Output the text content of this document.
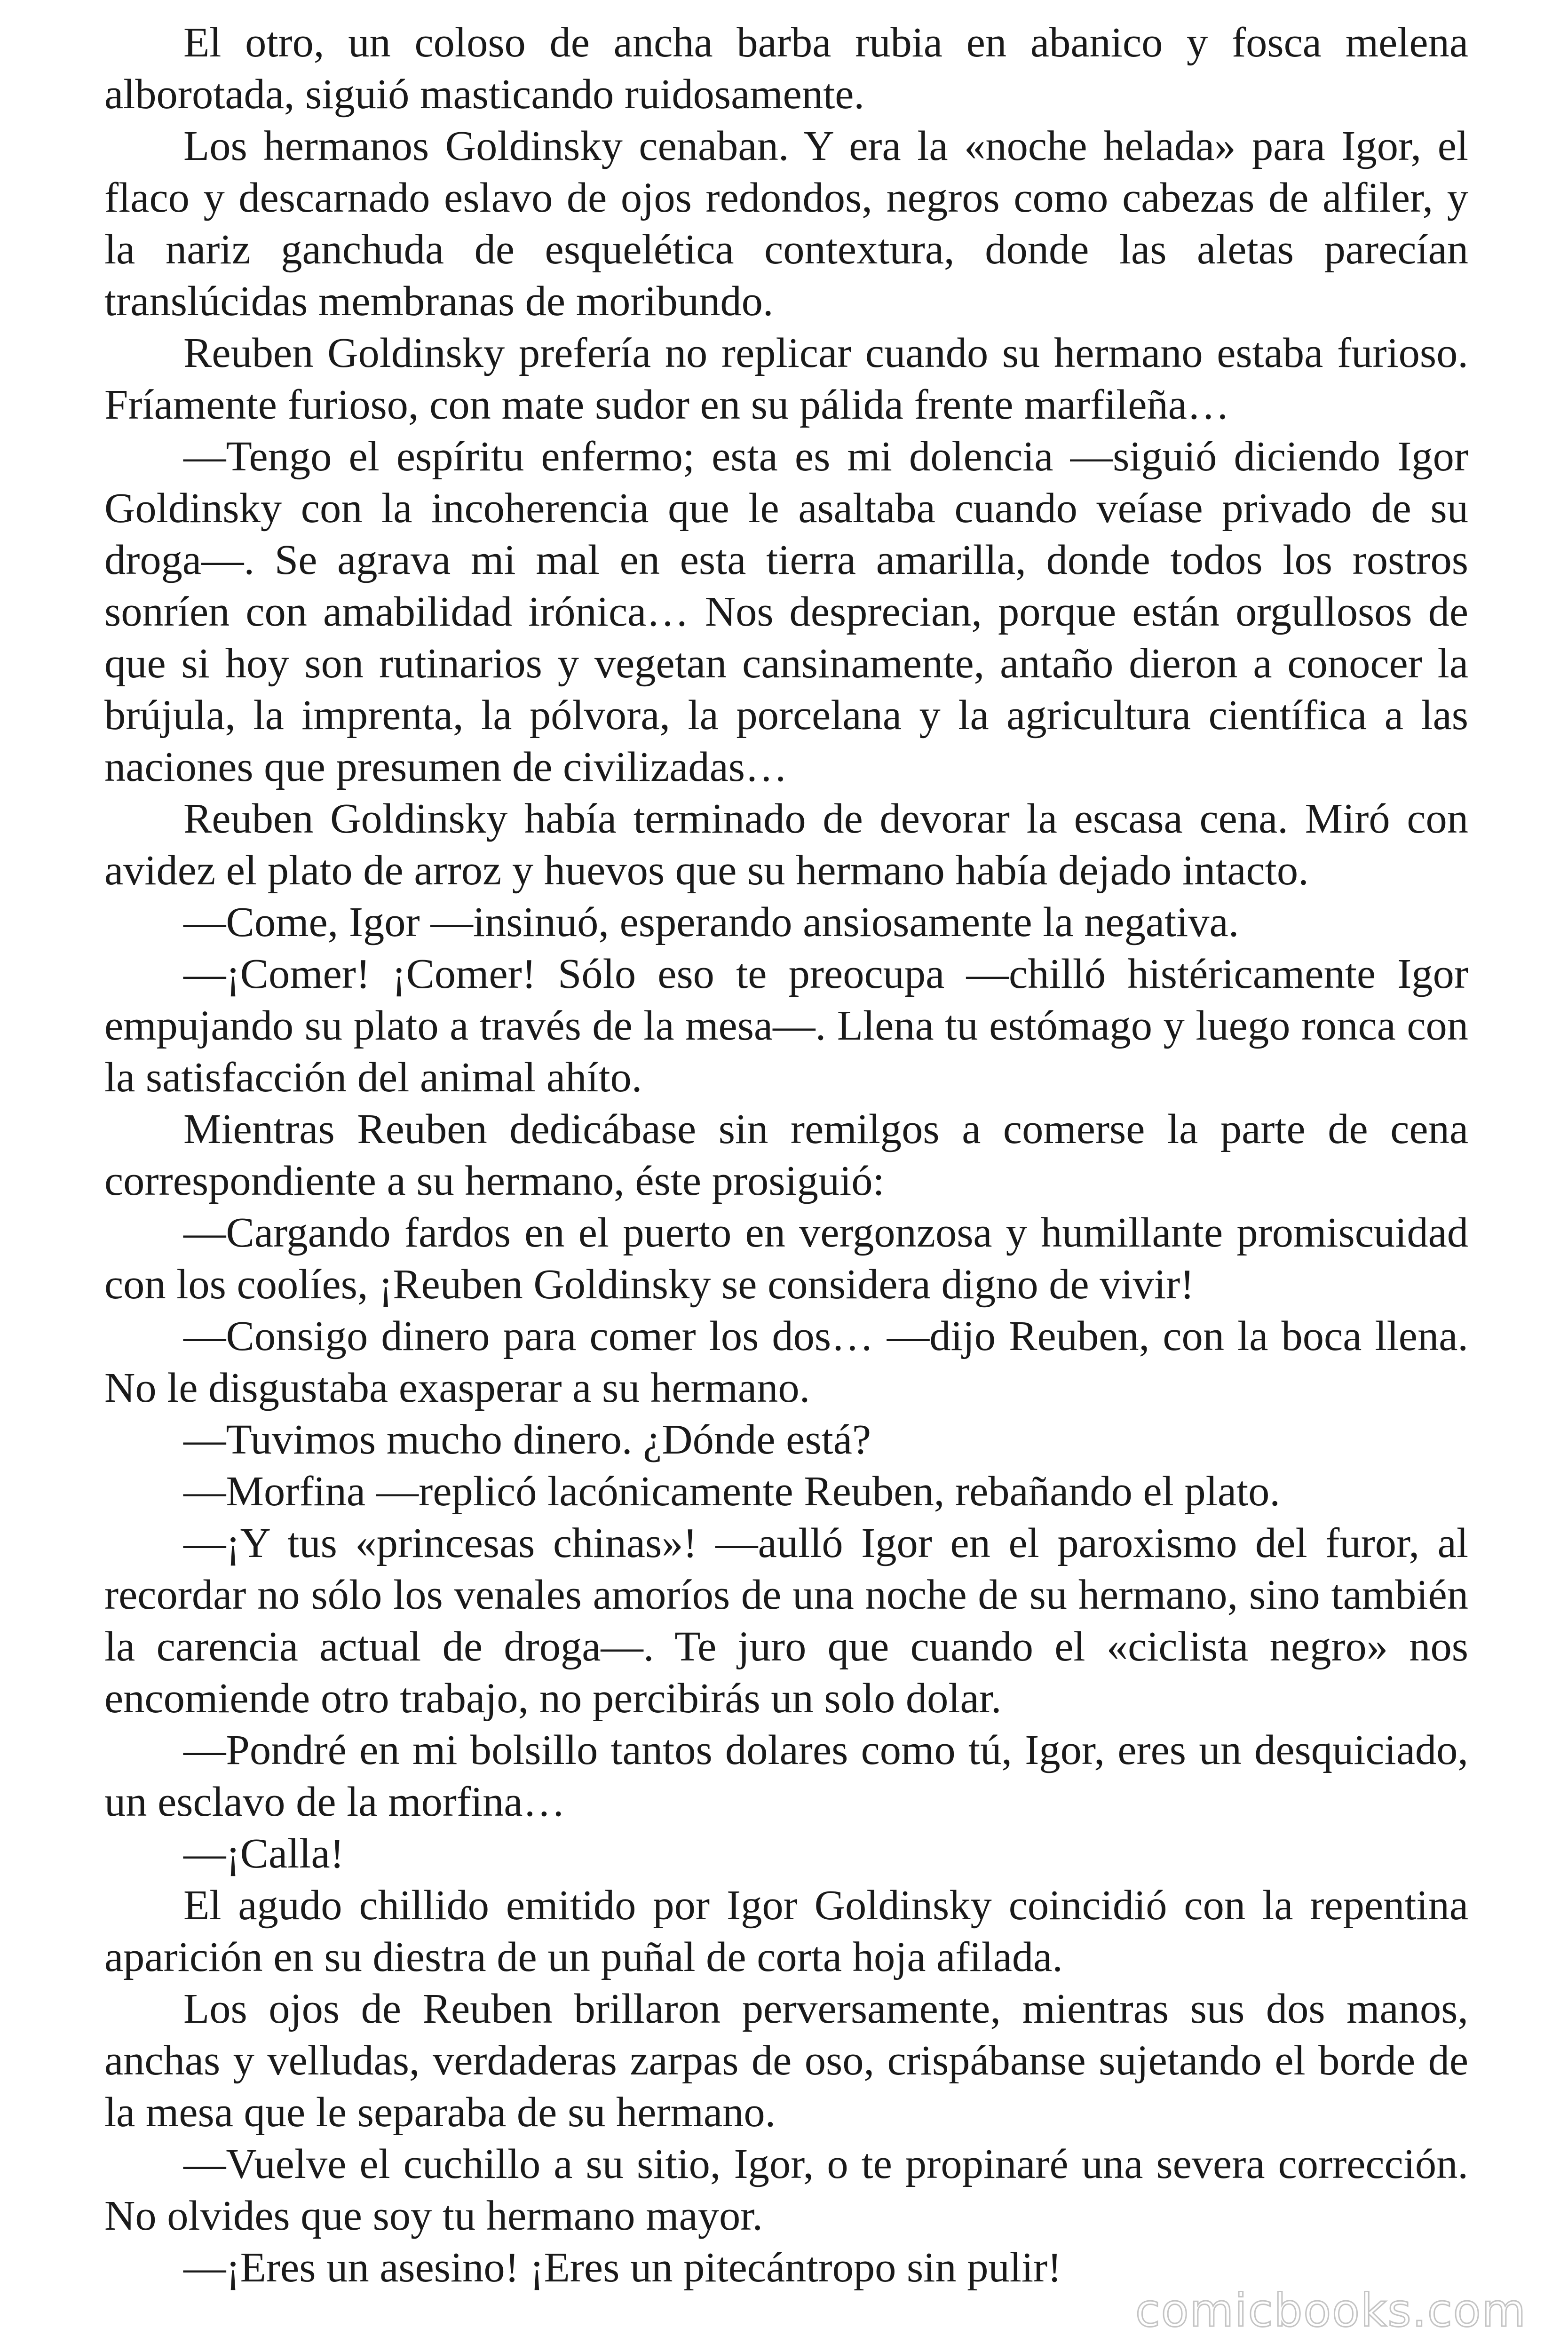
El otro, un coloso de ancha barba rubia en abanico y fosca melena alborotada, siguió masticando ruidosamente.

Los hermanos Goldinsky cenaban. Y era la «noche helada» para Igor, el flaco y descarnado eslavo de ojos redondos, negros como cabezas de alfiler, y la nariz ganchuda de esquelética contextura, donde las aletas parecían translúcidas membranas de moribundo.

Reuben Goldinsky prefería no replicar cuando su hermano estaba furioso. Fríamente furioso, con mate sudor en su pálida frente marfileña…

—Tengo el espíritu enfermo; esta es mi dolencia —siguió diciendo Igor Goldinsky con la incoherencia que le asaltaba cuando veíase privado de su droga—. Se agrava mi mal en esta tierra amarilla, donde todos los rostros sonríen con amabilidad irónica… Nos desprecian, porque están orgullosos de que si hoy son rutinarios y vegetan cansinamente, antaño dieron a conocer la brújula, la imprenta, la pólvora, la porcelana y la agricultura científica a las naciones que presumen de civilizadas…

Reuben Goldinsky había terminado de devorar la escasa cena. Miró con avidez el plato de arroz y huevos que su hermano había dejado intacto.

—Come, Igor —insinuó, esperando ansiosamente la negativa.

—¡Comer! ¡Comer! Sólo eso te preocupa —chilló histéricamente Igor empujando su plato a través de la mesa—. Llena tu estómago y luego ronca con la satisfacción del animal ahíto.

Mientras Reuben dedicábase sin remilgos a comerse la parte de cena correspondiente a su hermano, éste prosiguió:

—Cargando fardos en el puerto en vergonzosa y humillante promiscuidad con los coolíes, ¡Reuben Goldinsky se considera digno de vivir!

—Consigo dinero para comer los dos… —dijo Reuben, con la boca llena. No le disgustaba exasperar a su hermano.

—Tuvimos mucho dinero. ¿Dónde está?

—Morfina —replicó lacónicamente Reuben, rebañando el plato.

—¡Y tus «princesas chinas»! —aulló Igor en el paroxismo del furor, al recordar no sólo los venales amoríos de una noche de su hermano, sino también la carencia actual de droga—. Te juro que cuando el «ciclista negro» nos encomiende otro trabajo, no percibirás un solo dolar.

—Pondré en mi bolsillo tantos dolares como tú, Igor, eres un desquiciado, un esclavo de la morfina…

—¡Calla!

El agudo chillido emitido por Igor Goldinsky coincidió con la repentina aparición en su diestra de un puñal de corta hoja afilada.

Los ojos de Reuben brillaron perversamente, mientras sus dos manos, anchas y velludas, verdaderas zarpas de oso, crispábanse sujetando el borde de la mesa que le separaba de su hermano.

—Vuelve el cuchillo a su sitio, Igor, o te propinaré una severa corrección. No olvides que soy tu hermano mayor.

—¡Eres un asesino! ¡Eres un pitecántropo sin pulir!

comicbooks.com
